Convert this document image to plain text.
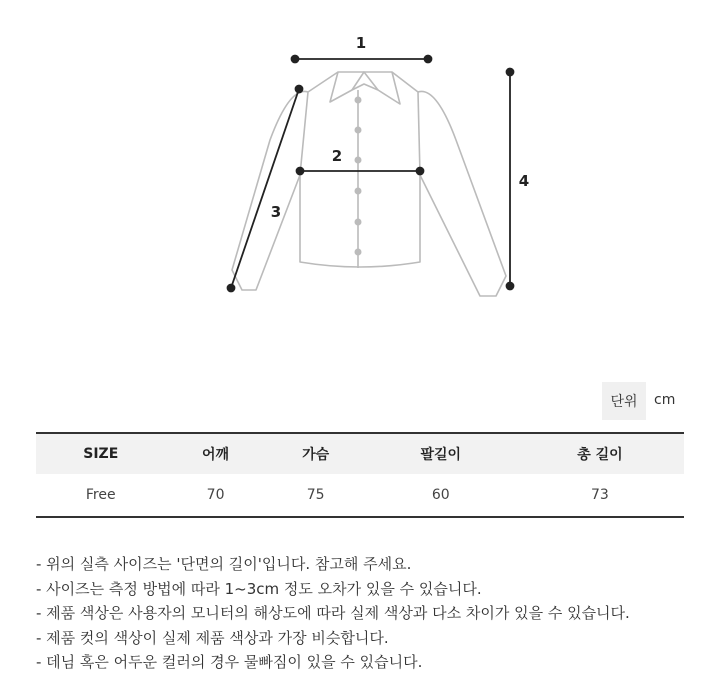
1
2
3
4
단위	cm
SIZE	어깨	가슴	팔길이	총 길이
Free	70	75	60	73
- 위의 실측 사이즈는 '단면의 길이'입니다. 참고해 주세요.
- 사이즈는 측정 방법에 따라 1~3cm 정도 오차가 있을 수 있습니다.
- 제품 색상은 사용자의 모니터의 해상도에 따라 실제 색상과 다소 차이가 있을 수 있습니다.
- 제품 컷의 색상이 실제 제품 색상과 가장 비슷합니다.
- 데님 혹은 어두운 컬러의 경우 물빠짐이 있을 수 있습니다.
